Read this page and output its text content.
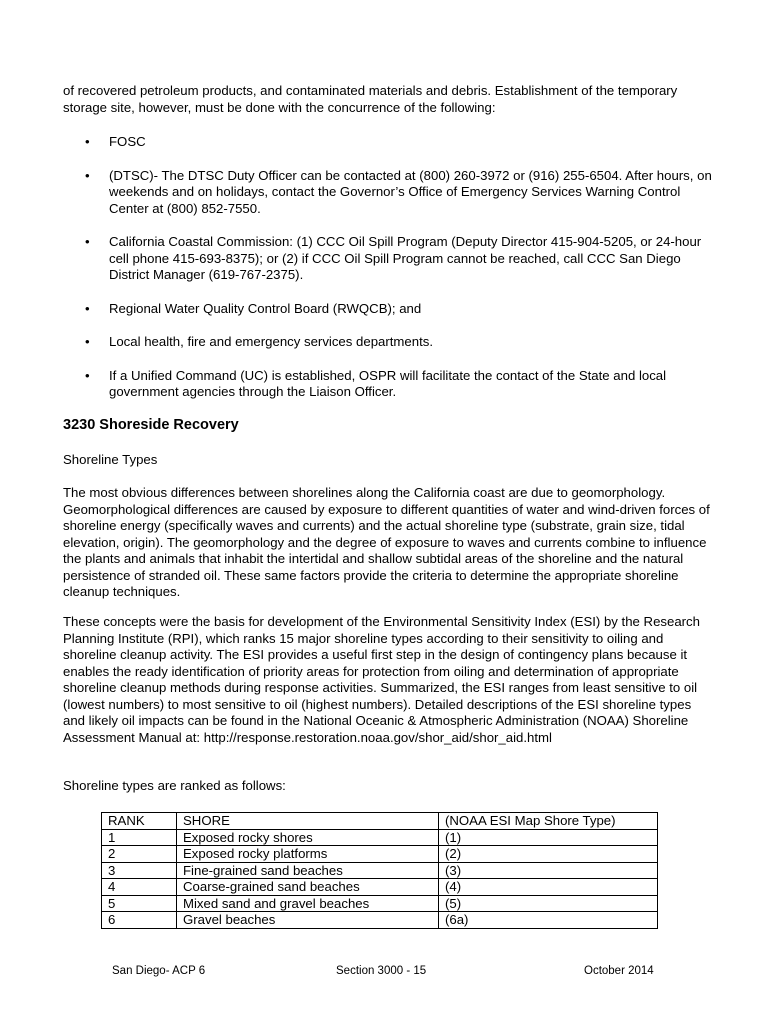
of recovered petroleum products, and contaminated materials and debris. Establishment of the temporary storage site, however, must be done with the concurrence of the following:

• FOSC
• (DTSC)- The DTSC Duty Officer can be contacted at (800) 260-3972 or (916) 255-6504. After hours, on weekends and on holidays, contact the Governor’s Office of Emergency Services Warning Control Center at (800) 852-7550.
• California Coastal Commission: (1) CCC Oil Spill Program (Deputy Director 415-904-5205, or 24-hour cell phone 415-693-8375); or (2) if CCC Oil Spill Program cannot be reached, call CCC San Diego District Manager (619-767-2375).
• Regional Water Quality Control Board (RWQCB); and
• Local health, fire and emergency services departments.
• If a Unified Command (UC) is established, OSPR will facilitate the contact of the State and local government agencies through the Liaison Officer.
3230 Shoreside Recovery

Shoreline Types

The most obvious differences between shorelines along the California coast are due to geomorphology. Geomorphological differences are caused by exposure to different quantities of water and wind-driven forces of shoreline energy (specifically waves and currents) and the actual shoreline type (substrate, grain size, tidal elevation, origin). The geomorphology and the degree of exposure to waves and currents combine to influence the plants and animals that inhabit the intertidal and shallow subtidal areas of the shoreline and the natural persistence of stranded oil. These same factors provide the criteria to determine the appropriate shoreline cleanup techniques.

These concepts were the basis for development of the Environmental Sensitivity Index (ESI) by the Research Planning Institute (RPI), which ranks 15 major shoreline types according to their sensitivity to oiling and shoreline cleanup activity. The ESI provides a useful first step in the design of contingency plans because it enables the ready identification of priority areas for protection from oiling and determination of appropriate shoreline cleanup methods during response activities. Summarized, the ESI ranges from least sensitive to oil (lowest numbers) to most sensitive to oil (highest numbers). Detailed descriptions of the ESI shoreline types and likely oil impacts can be found in the National Oceanic & Atmospheric Administration (NOAA) Shoreline Assessment Manual at: http://response.restoration.noaa.gov/shor_aid/shor_aid.html

Shoreline types are ranked as follows:

RANK	SHORE	(NOAA ESI Map Shore Type)
1	Exposed rocky shores	(1)
2	Exposed rocky platforms	(2)
3	Fine-grained sand beaches	(3)
4	Coarse-grained sand beaches	(4)
5	Mixed sand and gravel beaches	(5)
6	Gravel beaches	(6a)

San Diego- ACP 6	Section 3000 - 15	October 2014
